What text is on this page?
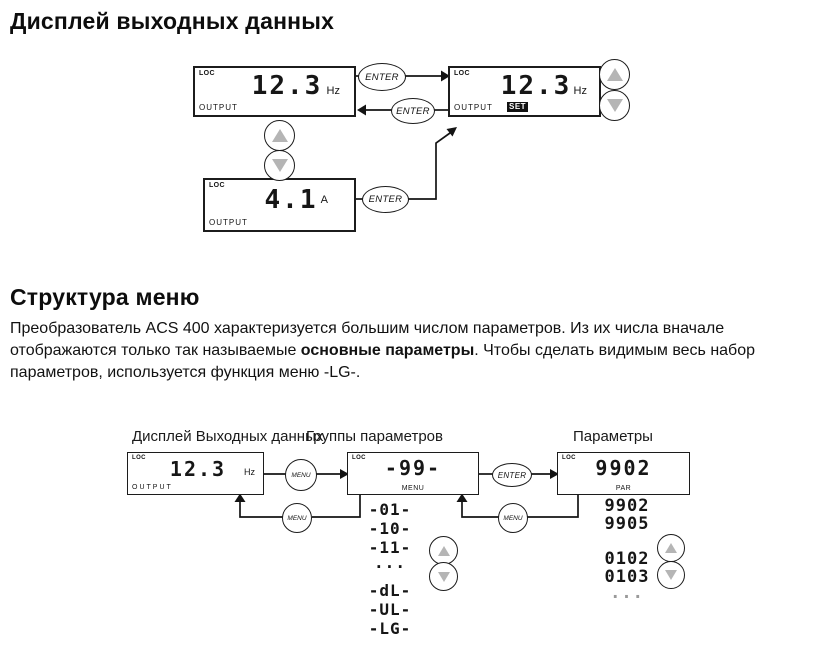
Дисплей выходных данных
LOC	12.3 Hz
OUTPUT
LOC	12.3 Hz
OUTPUT SET
LOC	4.1 A
OUTPUT
ENTER
ENTER
ENTER
Структура меню
Преобразователь ACS 400 характеризуется большим числом параметров. Из их числа вначале отображаются только так называемые основные параметры. Чтобы сделать видимым весь набор параметров, используется функция меню -LG-.
Дисплей Выходных данных
Группы параметров	Параметры
LOC	12.3	Hz
OUTPUT
LOC -99-
MENU
LOC 9902
PAR
MENU	ENTER
MENU	MENU
-01-
-10-
-11-
...
-dL-
-UL-
-LG-
9902
9905
0102
0103
...
